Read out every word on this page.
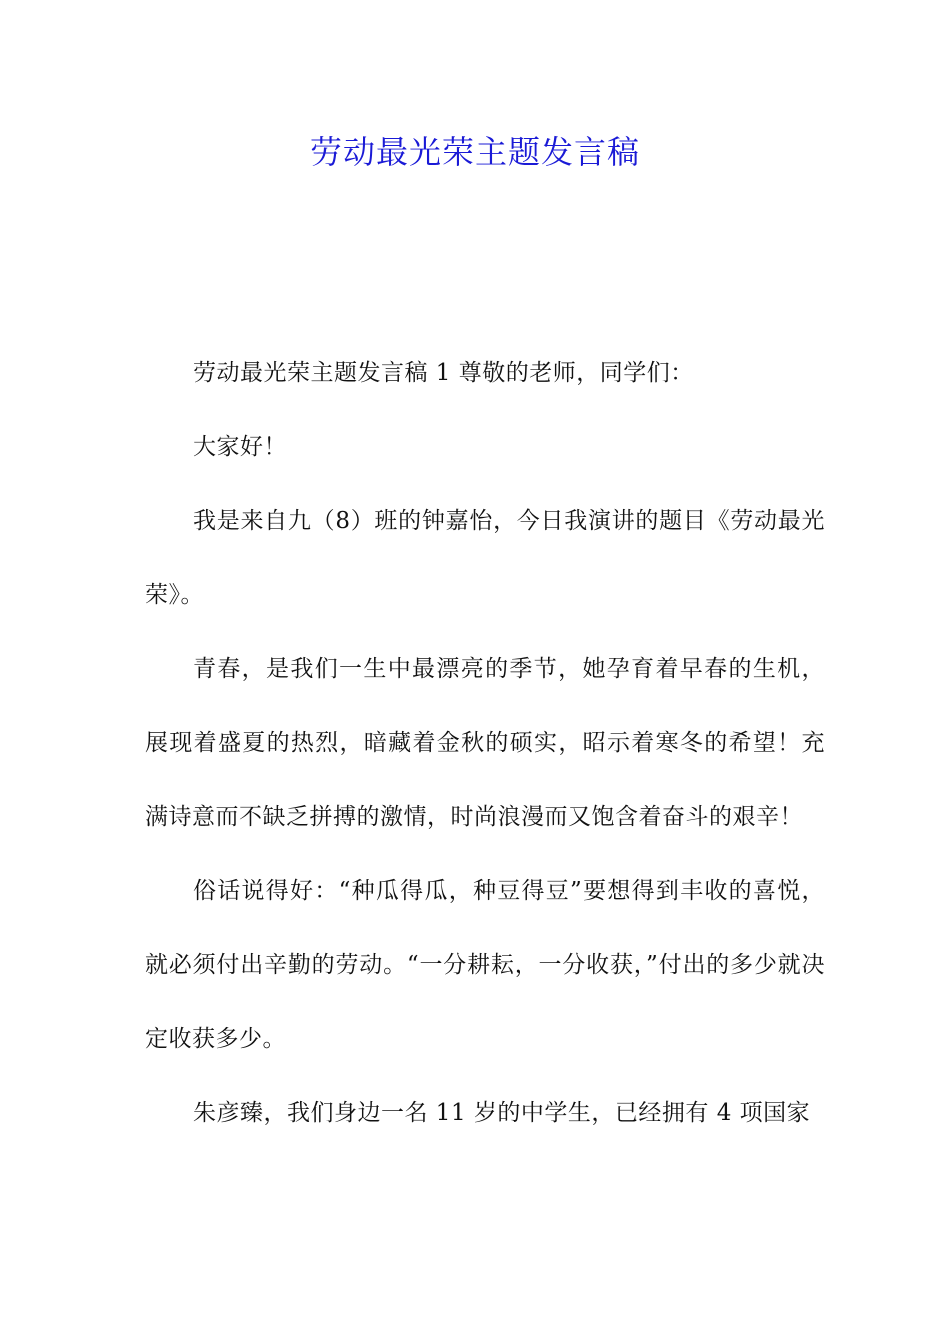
劳动最光荣主题发言稿

劳动最光荣主题发言稿 1 尊敬的老师，同学们：

大家好！

我是来自九（8）班的钟嘉怡，今日我演讲的题目《劳动最光荣》。

青春，是我们一生中最漂亮的季节，她孕育着早春的生机，展现着盛夏的热烈，暗藏着金秋的硕实，昭示着寒冬的希望！充满诗意而不缺乏拼搏的激情，时尚浪漫而又饱含着奋斗的艰辛！

俗话说得好：“种瓜得瓜，种豆得豆”要想得到丰收的喜悦，就必须付出辛勤的劳动。“一分耕耘，一分收获，”付出的多少就决定收获多少。

朱彦臻，我们身边一名 11 岁的中学生，已经拥有 4 项国家
